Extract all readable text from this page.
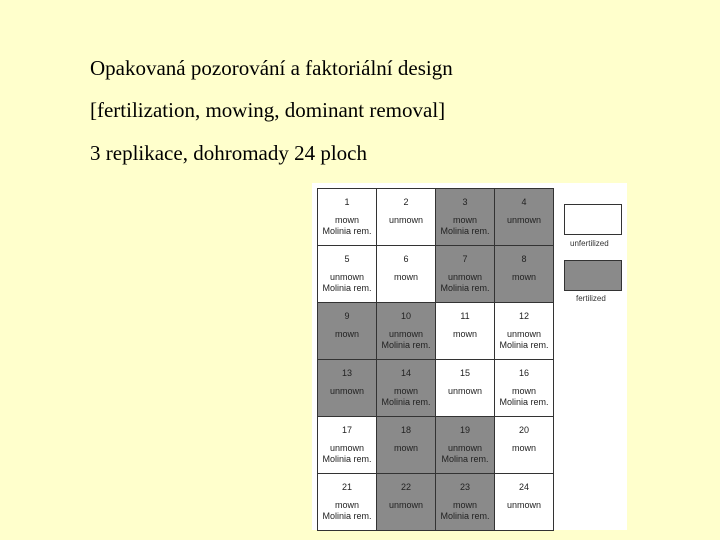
Opakovaná pozorování a faktoriální design
[fertilization, mowing, dominant removal]
3 replikace, dohromady 24 ploch
1
mown
Molinia rem.
2
unmown
3
mown
Molinia rem.
4
unmown
5
unmown
Molinia rem.
6
mown
7
unmown
Molinia rem.
8
mown
9
mown
10
unmown
Molinia rem.
11
mown
12
unmown
Molinia rem.
13
unmown
14
mown
Molinia rem.
15
unmown
16
mown
Molinia rem.
17
unmown
Molinia rem.
18
mown
19
unmown
Molina rem.
20
mown
21
mown
Molinia rem.
22
unmown
23
mown
Molinia rem.
24
unmown
unfertilized
fertilized
